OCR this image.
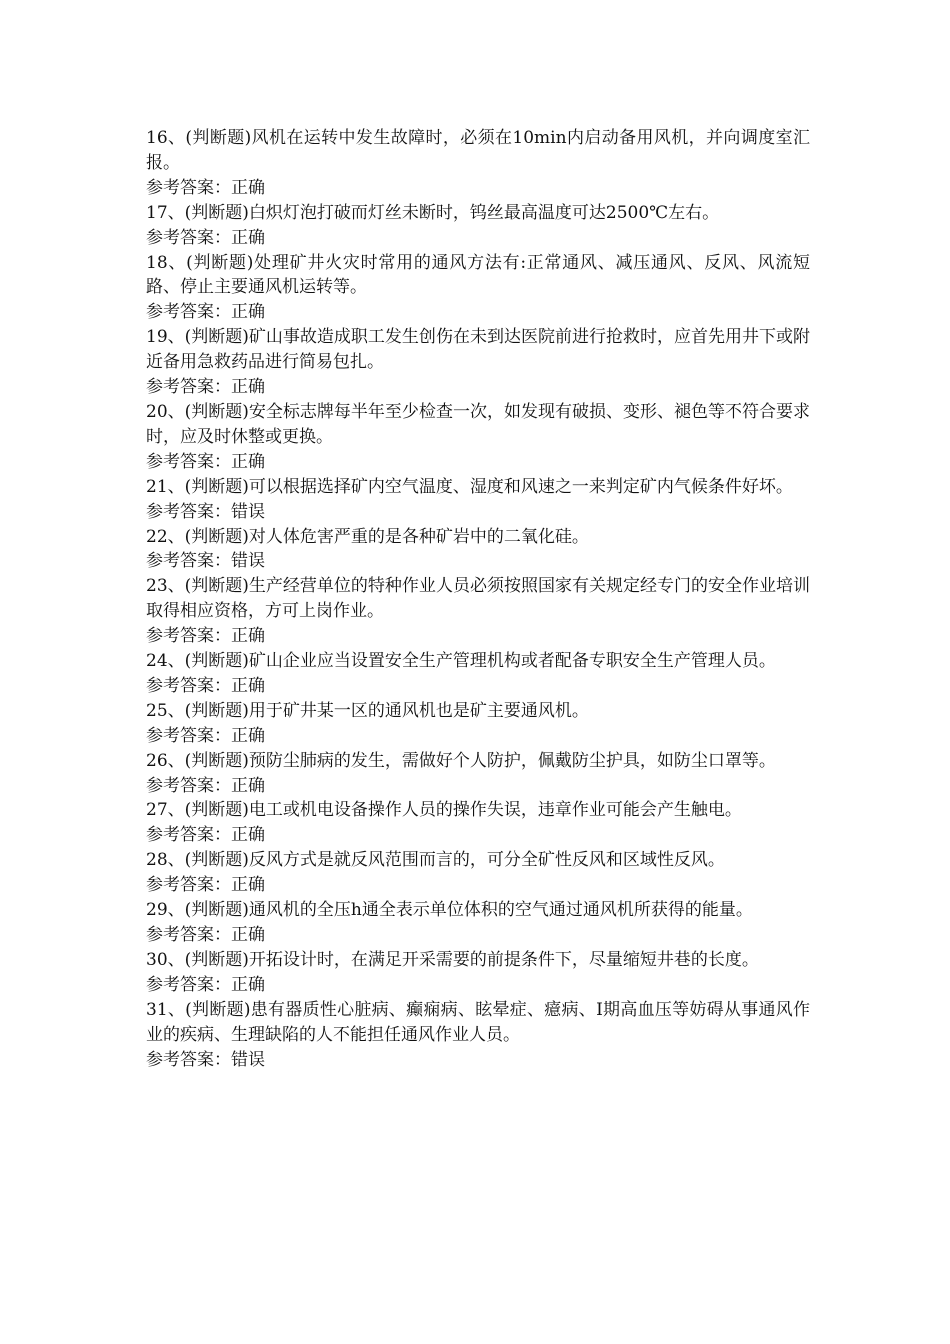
16、(判断题)风机在运转中发生故障时，必须在10min内启动备用风机，并向调度室汇报。

参考答案：正确

17、(判断题)白炽灯泡打破而灯丝未断时，钨丝最高温度可达2500℃左右。

参考答案：正确

18、(判断题)处理矿井火灾时常用的通风方法有:正常通风、减压通风、反风、风流短路、停止主要通风机运转等。

参考答案：正确

19、(判断题)矿山事故造成职工发生创伤在未到达医院前进行抢救时，应首先用井下或附近备用急救药品进行简易包扎。

参考答案：正确

20、(判断题)安全标志牌每半年至少检查一次，如发现有破损、变形、褪色等不符合要求时，应及时休整或更换。

参考答案：正确

21、(判断题)可以根据选择矿内空气温度、湿度和风速之一来判定矿内气候条件好坏。

参考答案：错误

22、(判断题)对人体危害严重的是各种矿岩中的二氧化硅。

参考答案：错误

23、(判断题)生产经营单位的特种作业人员必须按照国家有关规定经专门的安全作业培训取得相应资格，方可上岗作业。

参考答案：正确

24、(判断题)矿山企业应当设置安全生产管理机构或者配备专职安全生产管理人员。

参考答案：正确

25、(判断题)用于矿井某一区的通风机也是矿主要通风机。

参考答案：正确

26、(判断题)预防尘肺病的发生，需做好个人防护，佩戴防尘护具，如防尘口罩等。

参考答案：正确

27、(判断题)电工或机电设备操作人员的操作失误，违章作业可能会产生触电。

参考答案：正确

28、(判断题)反风方式是就反风范围而言的，可分全矿性反风和区域性反风。

参考答案：正确

29、(判断题)通风机的全压h通全表示单位体积的空气通过通风机所获得的能量。

参考答案：正确

30、(判断题)开拓设计时，在满足开采需要的前提条件下，尽量缩短井巷的长度。

参考答案：正确

31、(判断题)患有器质性心脏病、癫痫病、眩晕症、癔病、Ⅰ期高血压等妨碍从事通风作业的疾病、生理缺陷的人不能担任通风作业人员。

参考答案：错误
